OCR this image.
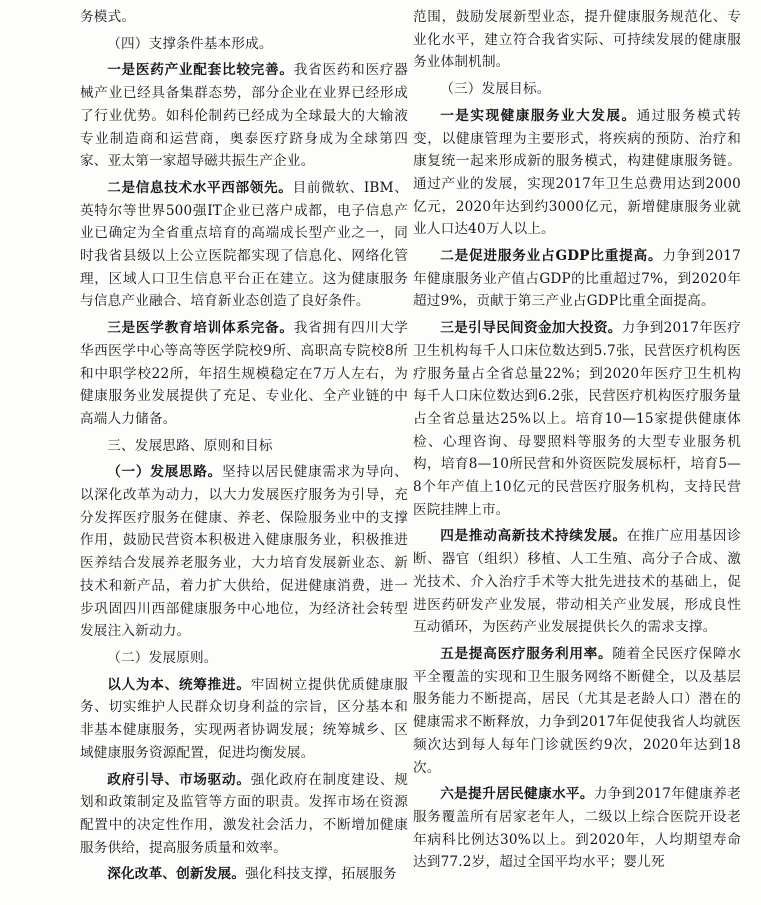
务模式。

（四）支撑条件基本形成。

一是医药产业配套比较完善。我省医药和医疗器械产业已经具备集群态势，部分企业在业界已经形成了行业优势。如科伦制药已经成为全球最大的大输液专业制造商和运营商，奥泰医疗跻身成为全球第四家、亚太第一家超导磁共振生产企业。

二是信息技术水平西部领先。目前微软、IBM、英特尔等世界500强IT企业已落户成都，电子信息产业已确定为全省重点培育的高端成长型产业之一，同时我省县级以上公立医院都实现了信息化、网络化管理，区域人口卫生信息平台正在建立。这为健康服务与信息产业融合、培育新业态创造了良好条件。

三是医学教育培训体系完备。我省拥有四川大学华西医学中心等高等医学院校9所、高职高专院校8所和中职学校22所，年招生规模稳定在7万人左右，为健康服务业发展提供了充足、专业化、全产业链的中高端人力储备。

三、发展思路、原则和目标

（一）发展思路。坚持以居民健康需求为导向、以深化改革为动力，以大力发展医疗服务为引导，充分发挥医疗服务在健康、养老、保险服务业中的支撑作用，鼓励民营资本积极进入健康服务业，积极推进医养结合发展养老服务业，大力培育发展新业态、新技术和新产品，着力扩大供给，促进健康消费，进一步巩固四川西部健康服务中心地位，为经济社会转型发展注入新动力。

（二）发展原则。

以人为本、统筹推进。牢固树立提供优质健康服务、切实维护人民群众切身利益的宗旨，区分基本和非基本健康服务，实现两者协调发展；统筹城乡、区域健康服务资源配置，促进均衡发展。

政府引导、市场驱动。强化政府在制度建设、规划和政策制定及监管等方面的职责。发挥市场在资源配置中的决定性作用，激发社会活力，不断增加健康服务供给，提高服务质量和效率。

深化改革、创新发展。强化科技支撑，拓展服务

范围，鼓励发展新型业态，提升健康服务规范化、专业化水平，建立符合我省实际、可持续发展的健康服务业体制机制。

（三）发展目标。

一是实现健康服务业大发展。通过服务模式转变，以健康管理为主要形式，将疾病的预防、治疗和康复统一起来形成新的服务模式，构建健康服务链。通过产业的发展，实现2017年卫生总费用达到2000亿元，2020年达到约3000亿元，新增健康服务业就业人口达40万人以上。

二是促进服务业占GDP比重提高。力争到2017年健康服务业产值占GDP的比重超过7%，到2020年超过9%，贡献于第三产业占GDP比重全面提高。

三是引导民间资金加大投资。力争到2017年医疗卫生机构每千人口床位数达到5.7张，民营医疗机构医疗服务量占全省总量22%；到2020年医疗卫生机构每千人口床位数达到6.2张，民营医疗机构医疗服务量占全省总量达25%以上。培育10—15家提供健康体检、心理咨询、母婴照料等服务的大型专业服务机构，培育8—10所民营和外资医院发展标杆，培育5—8个年产值上10亿元的民营医疗服务机构，支持民营医院挂牌上市。

四是推动高新技术持续发展。在推广应用基因诊断、器官（组织）移植、人工生殖、高分子合成、激光技术、介入治疗手术等大批先进技术的基础上，促进医药研发产业发展，带动相关产业发展，形成良性互动循环，为医药产业发展提供长久的需求支撑。

五是提高医疗服务利用率。随着全民医疗保障水平全覆盖的实现和卫生服务网络不断健全，以及基层服务能力不断提高，居民（尤其是老龄人口）潜在的健康需求不断释放，力争到2017年促使我省人均就医频次达到每人每年门诊就医约9次，2020年达到18次。

六是提升居民健康水平。力争到2017年健康养老服务覆盖所有居家老年人，二级以上综合医院开设老年病科比例达30%以上。到2020年，人均期望寿命达到77.2岁，超过全国平均水平；婴儿死
